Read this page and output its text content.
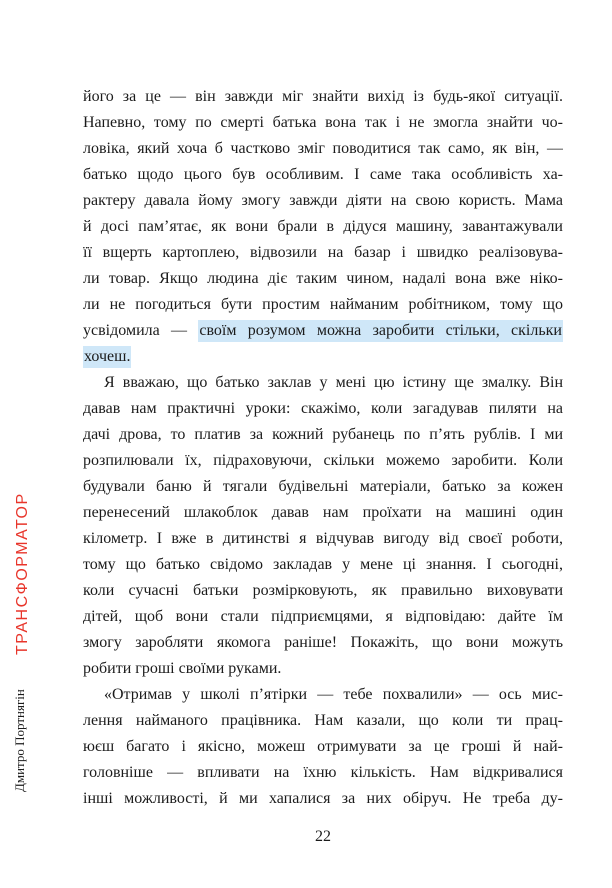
ТРАНСФОРМАТОР
Дмитро Портнягін
його за це — він завжди міг знайти вихід із будь-якої ситуації.
Напевно, тому по смерті батька вона так і не змогла знайти чо-
ловіка, який хоча б частково зміг поводитися так само, як він, —
батько щодо цього був особливим. І саме така особливість ха-
рактеру давала йому змогу завжди діяти на свою користь. Мама
й досі пам’ятає, як вони брали в дідуся машину, завантажували
її вщерть картоплею, відвозили на базар і швидко реалізовува-
ли товар. Якщо людина діє таким чином, надалі вона вже ніко-
ли не погодиться бути простим найманим робітником, тому що
усвідомила — своїм розумом можна заробити стільки, скільки
хочеш.
Я вважаю, що батько заклав у мені цю істину ще змалку. Він
давав нам практичні уроки: скажімо, коли загадував пиляти на
дачі дрова, то платив за кожний рубанець по п’ять рублів. І ми
розпилювали їх, підраховуючи, скільки можемо заробити. Коли
будували баню й тягали будівельні матеріали, батько за кожен
перенесений шлакоблок давав нам проїхати на машині один
кілометр. І вже в дитинстві я відчував вигоду від своєї роботи,
тому що батько свідомо закладав у мене ці знання. І сьогодні,
коли сучасні батьки розмірковують, як правильно виховувати
дітей, щоб вони стали підприємцями, я відповідаю: дайте їм
змогу заробляти якомога раніше! Покажіть, що вони можуть
робити гроші своїми руками.
«Отримав у школі п’ятірки — тебе похвалили» — ось мис-
лення найманого працівника. Нам казали, що коли ти прац-
юєш багато і якісно, можеш отримувати за це гроші й най-
головніше — впливати на їхню кількість. Нам відкривалися
інші можливості, й ми хапалися за них обіруч. Не треба ду-
22
